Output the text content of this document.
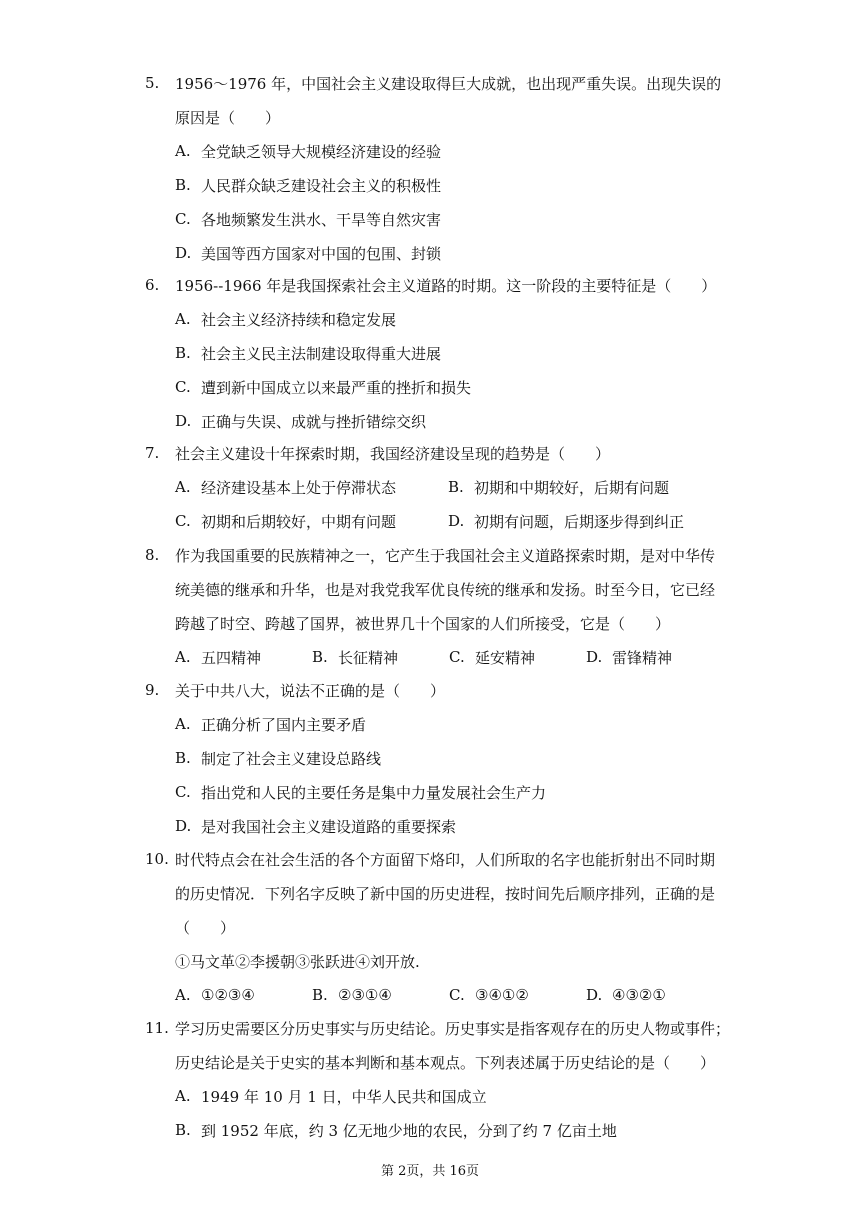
5.	1956～1976 年，中国社会主义建设取得巨大成就，也出现严重失误。出现失误的
原因是（　　）
A. 全党缺乏领导大规模经济建设的经验
B. 人民群众缺乏建设社会主义的积极性
C. 各地频繁发生洪水、干旱等自然灾害
D. 美国等西方国家对中国的包围、封锁
6.	1956--1966 年是我国探索社会主义道路的时期。这一阶段的主要特征是（　　）
A. 社会主义经济持续和稳定发展
B. 社会主义民主法制建设取得重大进展
C. 遭到新中国成立以来最严重的挫折和损失
D. 正确与失误、成就与挫折错综交织
7.	社会主义建设十年探索时期，我国经济建设呈现的趋势是（　　）
A. 经济建设基本上处于停滞状态	B. 初期和中期较好，后期有问题
C. 初期和后期较好，中期有问题	D. 初期有问题，后期逐步得到纠正
8.	作为我国重要的民族精神之一，它产生于我国社会主义道路探索时期，是对中华传
统美德的继承和升华，也是对我党我军优良传统的继承和发扬。时至今日，它已经
跨越了时空、跨越了国界，被世界几十个国家的人们所接受，它是（　　）
A. 五四精神	B. 长征精神	C. 延安精神	D. 雷锋精神
9.	关于中共八大，说法不正确的是（　　）
A. 正确分析了国内主要矛盾
B. 制定了社会主义建设总路线
C. 指出党和人民的主要任务是集中力量发展社会生产力
D. 是对我国社会主义建设道路的重要探索
10. 时代特点会在社会生活的各个方面留下烙印，人们所取的名字也能折射出不同时期
的历史情况．下列名字反映了新中国的历史进程，按时间先后顺序排列，正确的是
（　　）
①马文革②李援朝③张跃进④刘开放.
A. ①②③④	B. ②③①④	C. ③④①②	D. ④③②①
11. 学习历史需要区分历史事实与历史结论。历史事实是指客观存在的历史人物或事件；
历史结论是关于史实的基本判断和基本观点。下列表述属于历史结论的是（　　）
A. 1949 年 10 月 1 日，中华人民共和国成立
B. 到 1952 年底，约 3 亿无地少地的农民，分到了约 7 亿亩土地
第 2页，共 16页
